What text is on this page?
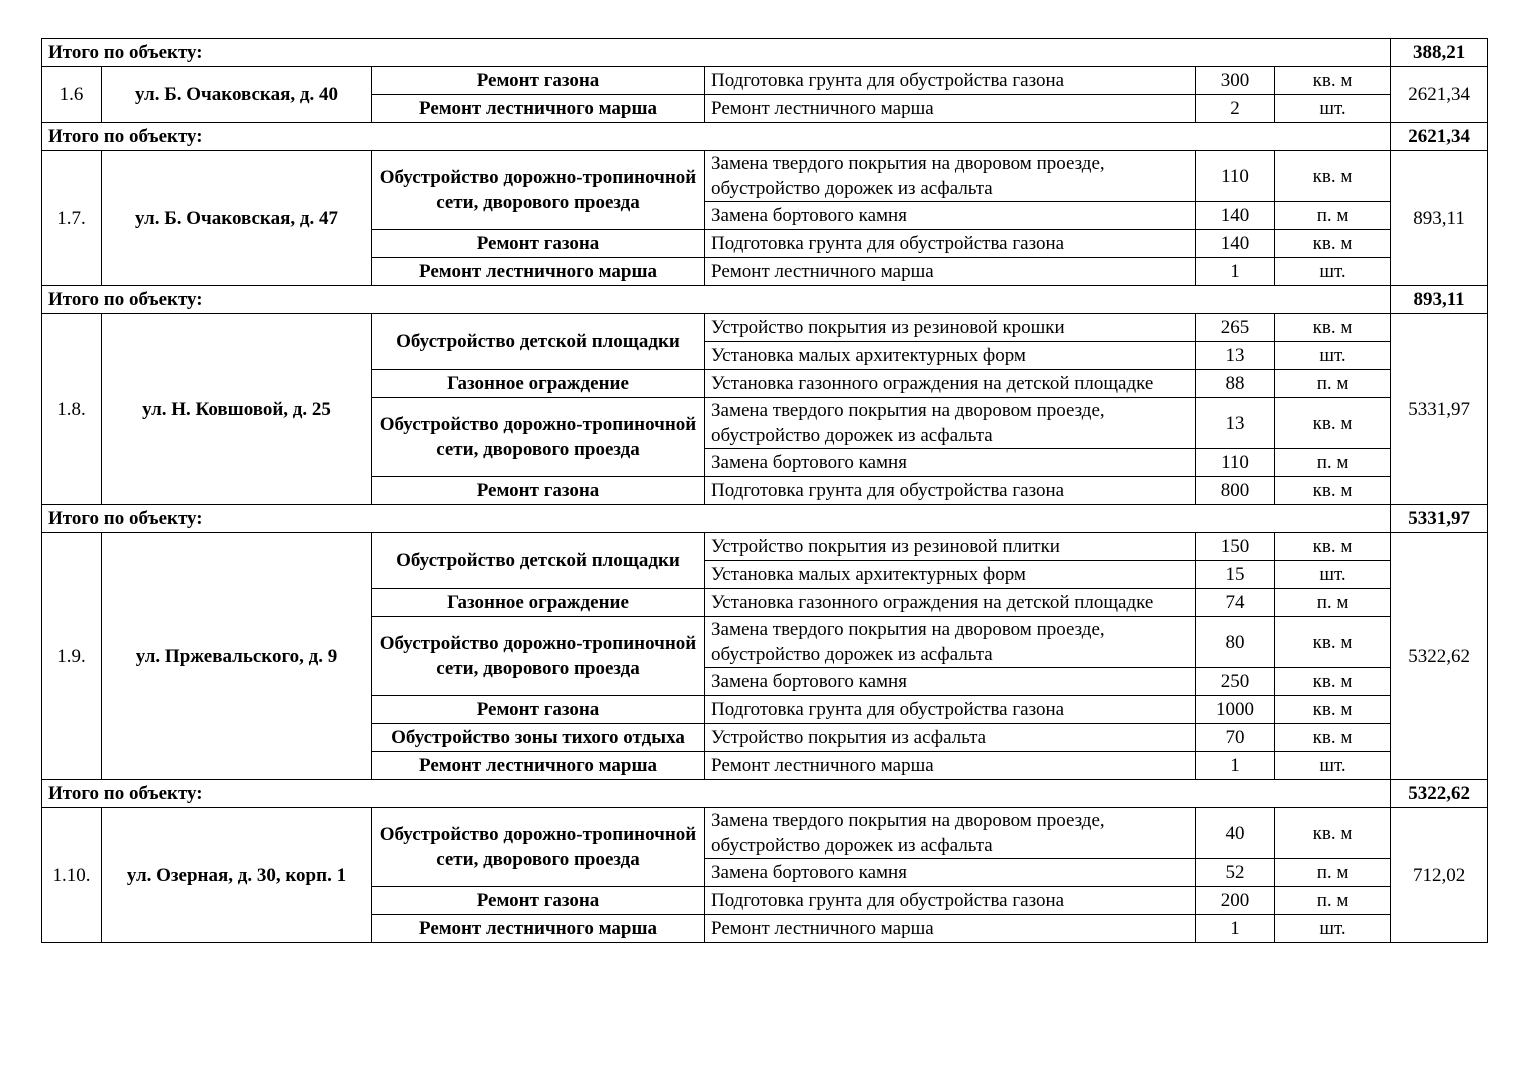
Итого по объекту:						388,21
1.6	ул. Б. Очаковская, д. 40	Ремонт газона	Подготовка грунта для обустройства газона	300	кв. м	2621,34
		Ремонт лестничного марша	Ремонт лестничного марша	2	шт.	
Итого по объекту:						2621,34
1.7.	ул. Б. Очаковская, д. 47	Обустройство дорожно-тропиночной сети, дворового проезда	Замена твердого покрытия на дворовом проезде, обустройство дорожек из асфальта	110	кв. м	893,11
			Замена бортового камня	140	п. м	
		Ремонт газона	Подготовка грунта для обустройства газона	140	кв. м	
		Ремонт лестничного марша	Ремонт лестничного марша	1	шт.	
Итого по объекту:						893,11
1.8.	ул. Н. Ковшовой, д. 25	Обустройство детской площадки	Устройство покрытия из резиновой крошки	265	кв. м	5331,97
			Установка малых архитектурных форм	13	шт.	
		Газонное ограждение	Установка газонного ограждения на детской площадке	88	п. м	
		Обустройство дорожно-тропиночной сети, дворового проезда	Замена твердого покрытия на дворовом проезде, обустройство дорожек из асфальта	13	кв. м	
			Замена бортового камня	110	п. м	
		Ремонт газона	Подготовка грунта для обустройства газона	800	кв. м	
Итого по объекту:						5331,97
1.9.	ул. Пржевальского, д. 9	Обустройство детской площадки	Устройство покрытия из резиновой плитки	150	кв. м	5322,62
			Установка малых архитектурных форм	15	шт.	
		Газонное ограждение	Установка газонного ограждения на детской площадке	74	п. м	
		Обустройство дорожно-тропиночной сети, дворового проезда	Замена твердого покрытия на дворовом проезде, обустройство дорожек из асфальта	80	кв. м	
			Замена бортового камня	250	кв. м	
		Ремонт газона	Подготовка грунта для обустройства газона	1000	кв. м	
		Обустройство зоны тихого отдыха	Устройство покрытия из асфальта	70	кв. м	
		Ремонт лестничного марша	Ремонт лестничного марша	1	шт.	
Итого по объекту:						5322,62
1.10.	ул. Озерная, д. 30, корп. 1	Обустройство дорожно-тропиночной сети, дворового проезда	Замена твердого покрытия на дворовом проезде, обустройство дорожек из асфальта	40	кв. м	712,02
			Замена бортового камня	52	п. м	
		Ремонт газона	Подготовка грунта для обустройства газона	200	п. м	
		Ремонт лестничного марша	Ремонт лестничного марша	1	шт.	
